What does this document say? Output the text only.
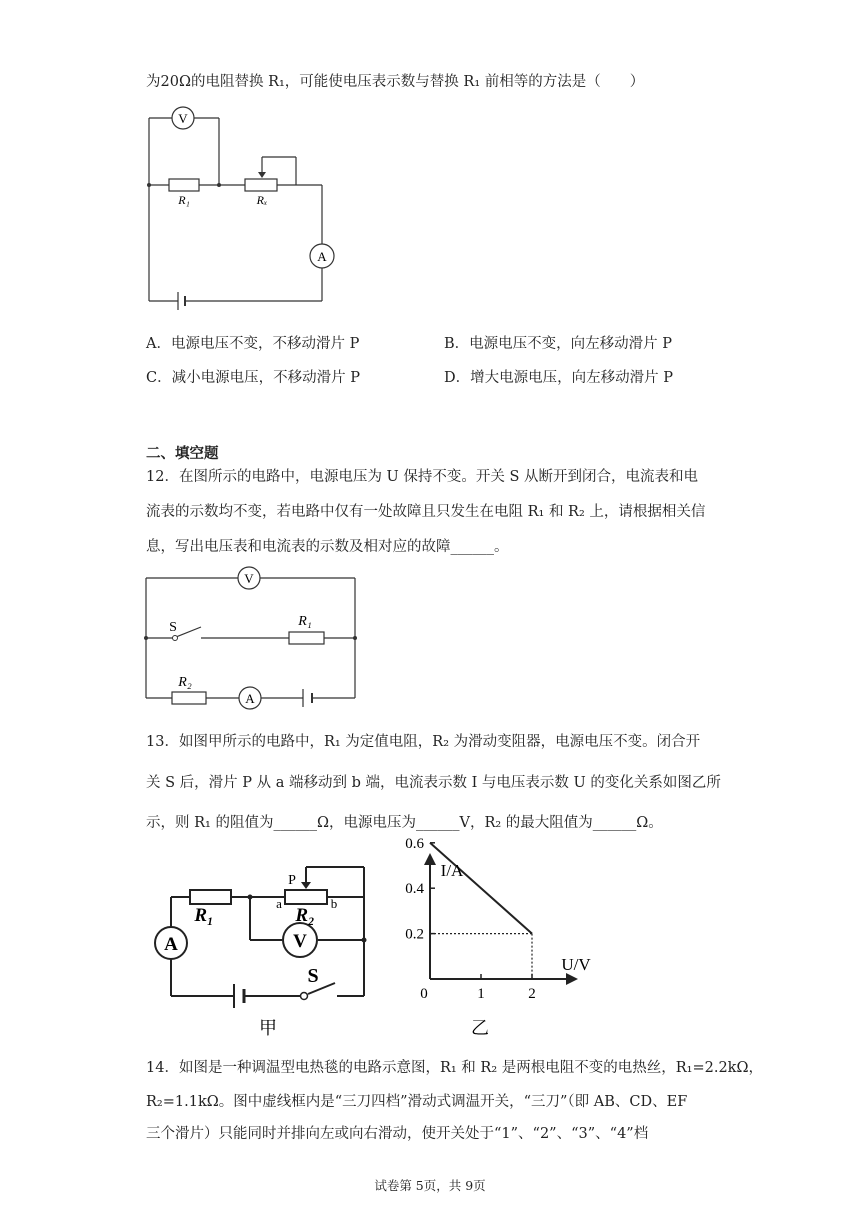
为20Ω的电阻替换 R₁，可能使电压表示数与替换 R₁ 前相等的方法是（　　）
V
A
R₁	Rₓ
A．电源电压不变，不移动滑片 P	B．电源电压不变，向左移动滑片 P
C．减小电源电压，不移动滑片 P	D．增大电源电压，向左移动滑片 P
二、填空题
12．在图所示的电路中，电源电压为 U 保持不变。开关 S 从断开到闭合，电流表和电
流表的示数均不变，若电路中仅有一处故障且只发生在电阻 R₁ 和 R₂ 上，请根据相关信
息，写出电压表和电流表的示数及相对应的故障______。
V
A
S	R₁
R₂
13．如图甲所示的电路中，R₁ 为定值电阻，R₂ 为滑动变阻器，电源电压不变。闭合开
关 S 后，滑片 P 从 a 端移动到 b 端，电流表示数 I 与电压表示数 U 的变化关系如图乙所
示，则 R₁ 的阻值为______Ω，电源电压为______V，R₂ 的最大阻值为______Ω。
A	V
R₁	R₂
P
a	b
S
甲
0.6
0.4
0.2
1	2
I/A
U/V
0
乙
14．如图是一种调温型电热毯的电路示意图，R₁ 和 R₂ 是两根电阻不变的电热丝，R₁=2.2kΩ，
R₂=1.1kΩ。图中虚线框内是“三刀四档”滑动式调温开关，“三刀”（即 AB、CD、EF
三个滑片）只能同时并排向左或向右滑动，使开关处于“1”、“2”、“3”、“4”档
试卷第 5页，共 9页
